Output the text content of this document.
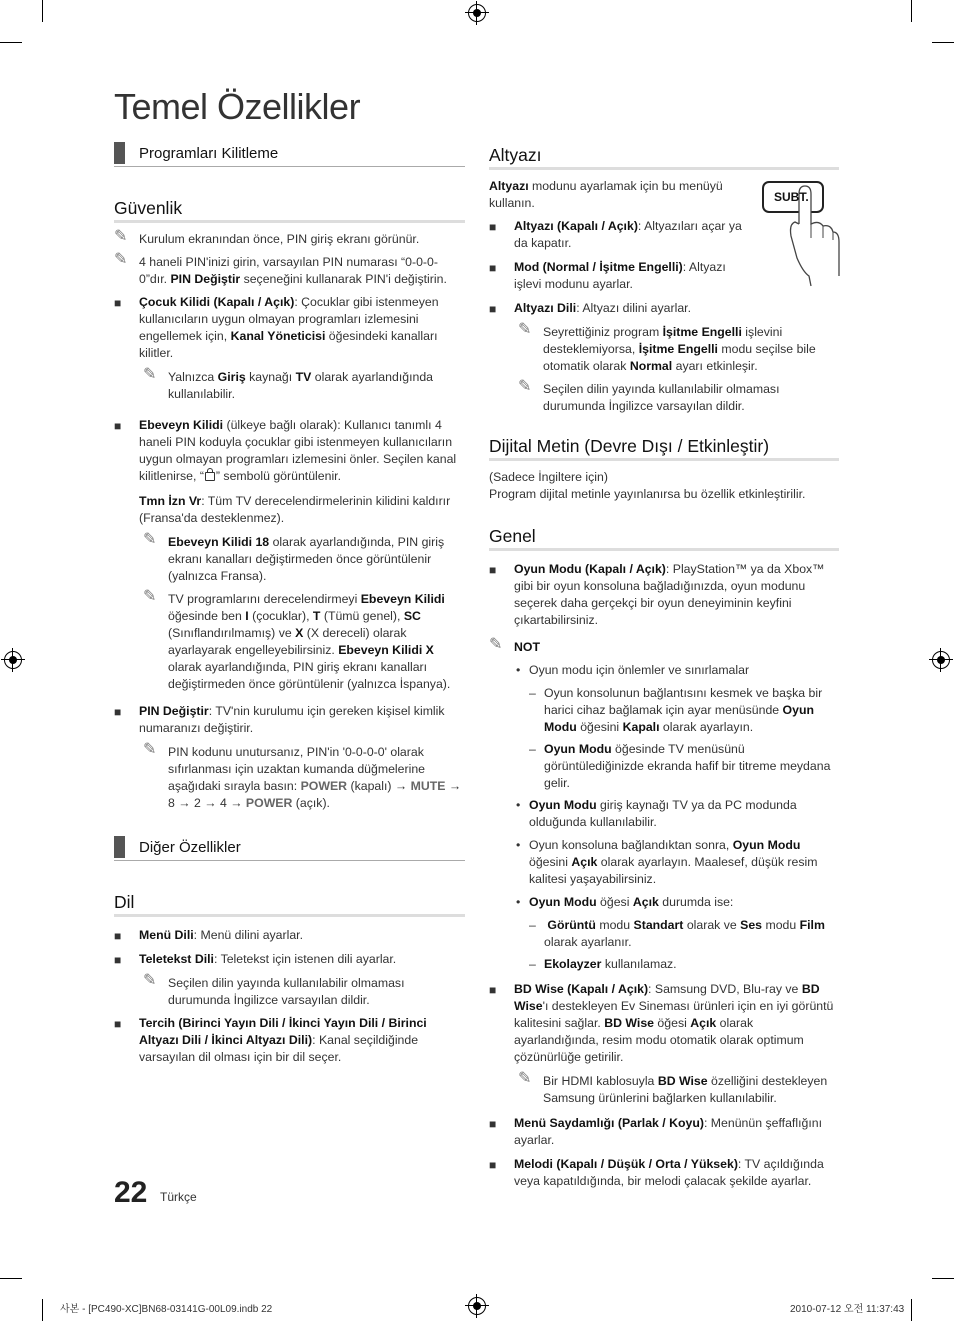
Temel Özellikler
Programları Kilitleme
Güvenlik
✎ Kurulum ekranından önce, PIN giriş ekranı görünür.
✎ 4 haneli PIN'inizi girin, varsayılan PIN numarası “0-0-0-0”dır. PIN Değiştir seçeneğini kullanarak PIN'i değiştirin.
■ Çocuk Kilidi (Kapalı / Açık): Çocuklar gibi istenmeyen kullanıcıların uygun olmayan programları izlemesini engellemek için, Kanal Yöneticisi öğesindeki kanalları kilitler.
✎ Yalnızca Giriş kaynağı TV olarak ayarlandığında kullanılabilir.
■ Ebeveyn Kilidi (ülkeye bağlı olarak): Kullanıcı tanımlı 4 haneli PIN koduyla çocuklar gibi istenmeyen kullanıcıların uygun olmayan programları izlemesini önler. Seçilen kanal kilitlenirse, “ ” sembolü görüntülenir.

Tmn İzn Vr: Tüm TV derecelendirmelerinin kilidini kaldırır (Fransa'da desteklenmez).

✎ Ebeveyn Kilidi 18 olarak ayarlandığında, PIN giriş ekranı kanalları değiştirmeden önce görüntülenir (yalnızca Fransa).
✎ TV programlarını derecelendirmeyi Ebeveyn Kilidi öğesinde ben I (çocuklar), T (Tümü genel), SC (Sınıflandırılmamış) ve X (X dereceli) olarak ayarlayarak engelleyebilirsiniz. Ebeveyn Kilidi X olarak ayarlandığında, PIN giriş ekranı kanalları değiştirmeden önce görüntülenir (yalnızca İspanya).
■ PIN Değiştir: TV'nin kurulumu için gereken kişisel kimlik numaranızı değiştirir.
✎ PIN kodunu unutursanız, PIN'in '0-0-0-0' olarak sıfırlanması için uzaktan kumanda düğmelerine aşağıdaki sırayla basın: POWER (kapalı) → MUTE → 8 → 2 → 4 → POWER (açık).
Diğer Özellikler
Dil
■ Menü Dili: Menü dilini ayarlar.
■ Teletekst Dili: Teletekst için istenen dili ayarlar.
✎ Seçilen dilin yayında kullanılabilir olmaması durumunda İngilizce varsayılan dildir.
■ Tercih (Birinci Yayın Dili / İkinci Yayın Dili / Birinci Altyazı Dili / İkinci Altyazı Dili): Kanal seçildiğinde varsayılan dil olması için bir dil seçer.
Altyazı
SUBT.

Altyazı modunu ayarlamak için bu menüyü kullanın.

■ Altyazı (Kapalı / Açık): Altyazıları açar ya da kapatır.
■ Mod (Normal / İşitme Engelli): Altyazı işlevi modunu ayarlar.
■ Altyazı Dili: Altyazı dilini ayarlar.
✎ Seyrettiğiniz program İşitme Engelli işlevini desteklemiyorsa, İşitme Engelli modu seçilse bile otomatik olarak Normal ayarı etkinleşir.
✎ Seçilen dilin yayında kullanılabilir olmaması durumunda İngilizce varsayılan dildir.
Dijital Metin (Devre Dışı / Etkinleştir)

(Sadece İngiltere için)

Program dijital metinle yayınlanırsa bu özellik etkinleştirilir.

Genel
■ Oyun Modu (Kapalı / Açık): PlayStation™ ya da Xbox™ gibi bir oyun konsoluna bağladığınızda, oyun modunu seçerek daha gerçekçi bir oyun deneyiminin keyfini çıkartabilirsiniz.
✎ NOT
• Oyun modu için önlemler ve sınırlamalar
– Oyun konsolunun bağlantısını kesmek ve başka bir harici cihaz bağlamak için ayar menüsünde Oyun Modu öğesini Kapalı olarak ayarlayın.
– Oyun Modu öğesinde TV menüsünü görüntülediğinizde ekranda hafif bir titreme meydana gelir.
• Oyun Modu giriş kaynağı TV ya da PC modunda olduğunda kullanılabilir.
• Oyun konsoluna bağlandıktan sonra, Oyun Modu öğesini Açık olarak ayarlayın. Maalesef, düşük resim kalitesi yaşayabilirsiniz.
• Oyun Modu öğesi Açık durumda ise:
– Görüntü modu Standart olarak ve Ses modu Film olarak ayarlanır.
– Ekolayzer kullanılamaz.
■ BD Wise (Kapalı / Açık): Samsung DVD, Blu-ray ve BD Wise'ı destekleyen Ev Sineması ürünleri için en iyi görüntü kalitesini sağlar. BD Wise öğesi Açık olarak ayarlandığında, resim modu otomatik olarak optimum çözünürlüğe getirilir.
✎ Bir HDMI kablosuyla BD Wise özelliğini destekleyen Samsung ürünlerini bağlarken kullanılabilir.
■ Menü Saydamlığı (Parlak / Koyu): Menünün şeffaflığını ayarlar.
■ Melodi (Kapalı / Düşük / Orta / Yüksek): TV açıldığında veya kapatıldığında, bir melodi çalacak şekilde ayarlar.
22 Türkçe
사본 - [PC490-XC]BN68-03141G-00L09.indb 22	2010-07-12 오전 11:37:43
